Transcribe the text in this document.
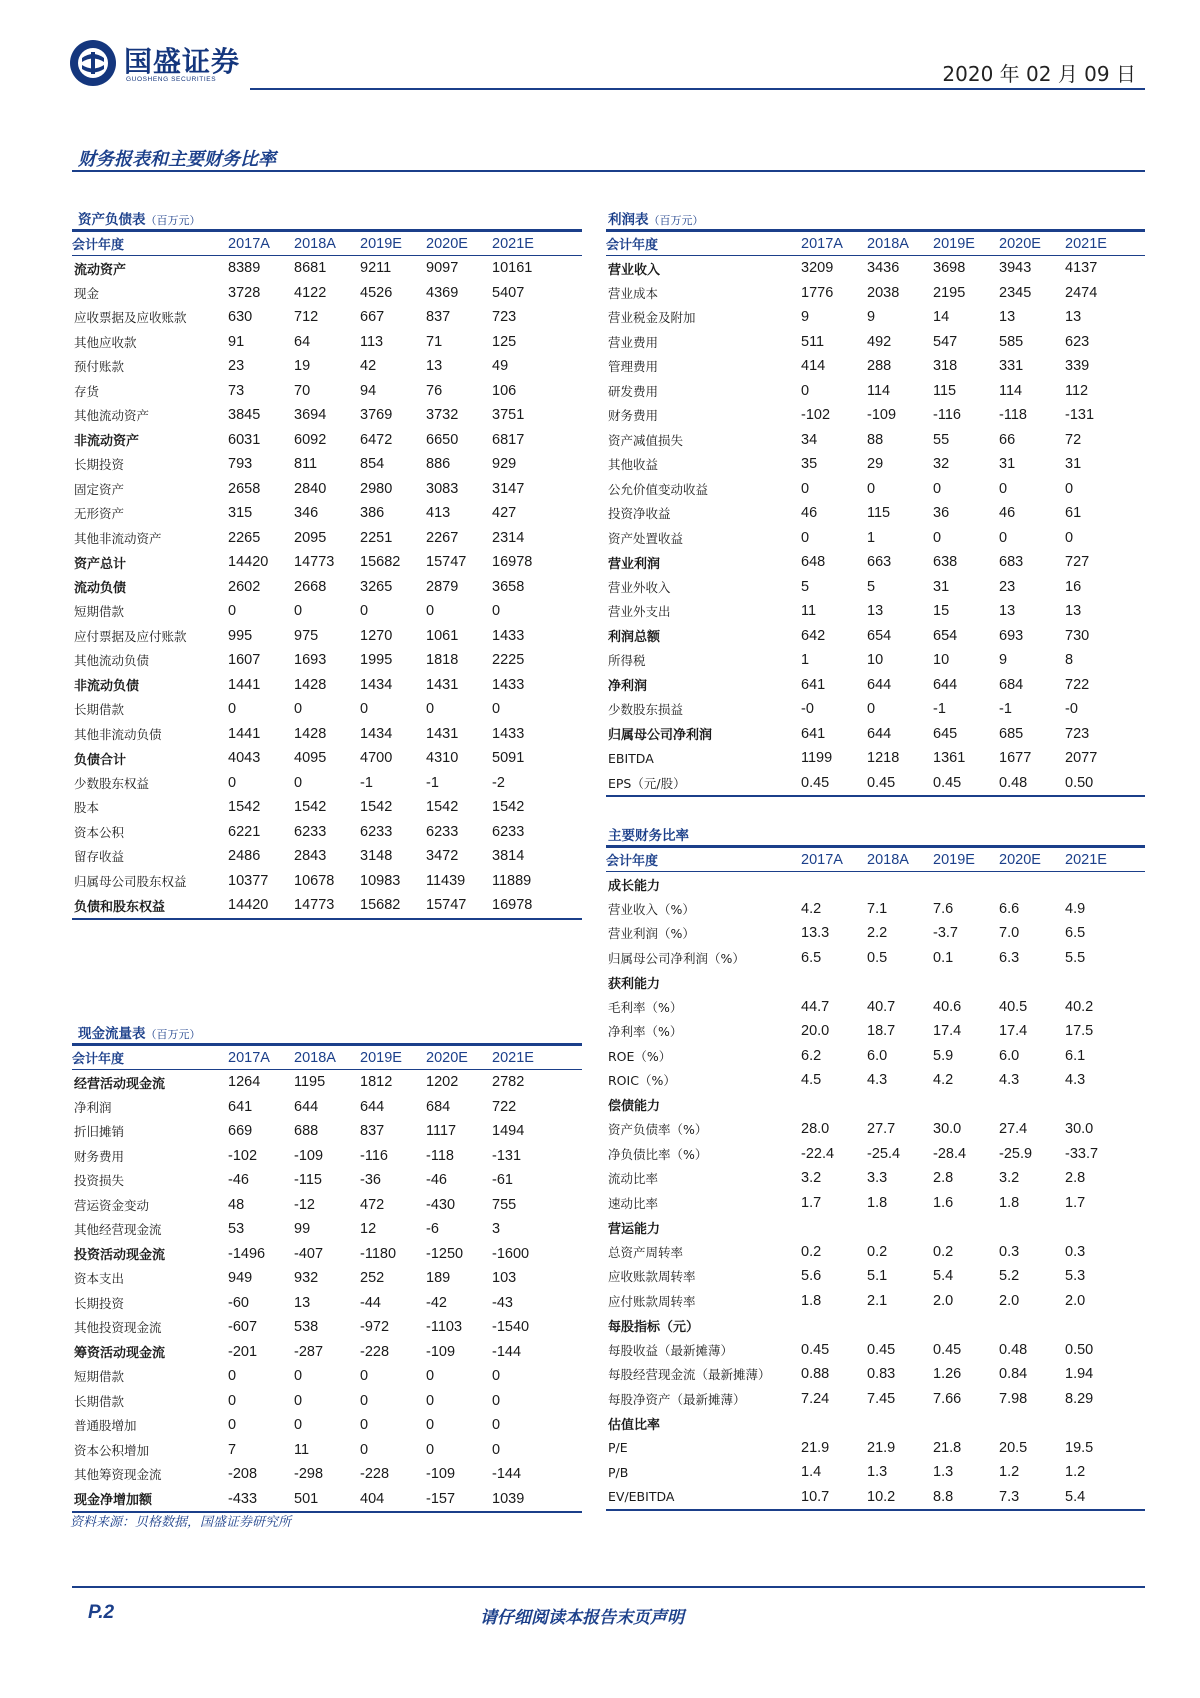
国盛证券
GUOSHENG SECURITIES	2020 年 02 月 09 日
财务报表和主要财务比率
资产负债表（百万元）
会计年度	2017A	2018A	2019E	2020E	2021E
流动资产	8389	8681	9211	9097	10161
现金	3728	4122	4526	4369	5407
应收票据及应收账款	630	712	667	837	723
其他应收款	91	64	113	71	125
预付账款	23	19	42	13	49
存货	73	70	94	76	106
其他流动资产	3845	3694	3769	3732	3751
非流动资产	6031	6092	6472	6650	6817
长期投资	793	811	854	886	929
固定资产	2658	2840	2980	3083	3147
无形资产	315	346	386	413	427
其他非流动资产	2265	2095	2251	2267	2314
资产总计	14420	14773	15682	15747	16978
流动负债	2602	2668	3265	2879	3658
短期借款	0	0	0	0	0
应付票据及应付账款	995	975	1270	1061	1433
其他流动负债	1607	1693	1995	1818	2225
非流动负债	1441	1428	1434	1431	1433
长期借款	0	0	0	0	0
其他非流动负债	1441	1428	1434	1431	1433
负债合计	4043	4095	4700	4310	5091
少数股东权益	0	0	-1	-1	-2
股本	1542	1542	1542	1542	1542
资本公积	6221	6233	6233	6233	6233
留存收益	2486	2843	3148	3472	3814
归属母公司股东权益	10377	10678	10983	11439	11889
负债和股东权益	14420	14773	15682	15747	16978
利润表（百万元）
会计年度	2017A	2018A	2019E	2020E	2021E
营业收入	3209	3436	3698	3943	4137
营业成本	1776	2038	2195	2345	2474
营业税金及附加	9	9	14	13	13
营业费用	511	492	547	585	623
管理费用	414	288	318	331	339
研发费用	0	114	115	114	112
财务费用	-102	-109	-116	-118	-131
资产减值损失	34	88	55	66	72
其他收益	35	29	32	31	31
公允价值变动收益	0	0	0	0	0
投资净收益	46	115	36	46	61
资产处置收益	0	1	0	0	0
营业利润	648	663	638	683	727
营业外收入	5	5	31	23	16
营业外支出	11	13	15	13	13
利润总额	642	654	654	693	730
所得税	1	10	10	9	8
净利润	641	644	644	684	722
少数股东损益	-0	0	-1	-1	-0
归属母公司净利润	641	644	645	685	723
EBITDA	1199	1218	1361	1677	2077
EPS（元/股）	0.45	0.45	0.45	0.48	0.50
现金流量表（百万元）
会计年度	2017A	2018A	2019E	2020E	2021E
经营活动现金流	1264	1195	1812	1202	2782
净利润	641	644	644	684	722
折旧摊销	669	688	837	1117	1494
财务费用	-102	-109	-116	-118	-131
投资损失	-46	-115	-36	-46	-61
营运资金变动	48	-12	472	-430	755
其他经营现金流	53	99	12	-6	3
投资活动现金流	-1496	-407	-1180	-1250	-1600
资本支出	949	932	252	189	103
长期投资	-60	13	-44	-42	-43
其他投资现金流	-607	538	-972	-1103	-1540
筹资活动现金流	-201	-287	-228	-109	-144
短期借款	0	0	0	0	0
长期借款	0	0	0	0	0
普通股增加	0	0	0	0	0
资本公积增加	7	11	0	0	0
其他筹资现金流	-208	-298	-228	-109	-144
现金净增加额	-433	501	404	-157	1039
主要财务比率
会计年度	2017A	2018A	2019E	2020E	2021E
成长能力					
营业收入（%）	4.2	7.1	7.6	6.6	4.9
营业利润（%）	13.3	2.2	-3.7	7.0	6.5
归属母公司净利润（%）	6.5	0.5	0.1	6.3	5.5
获利能力					
毛利率（%）	44.7	40.7	40.6	40.5	40.2
净利率（%）	20.0	18.7	17.4	17.4	17.5
ROE（%）	6.2	6.0	5.9	6.0	6.1
ROIC（%）	4.5	4.3	4.2	4.3	4.3
偿债能力					
资产负债率（%）	28.0	27.7	30.0	27.4	30.0
净负债比率（%）	-22.4	-25.4	-28.4	-25.9	-33.7
流动比率	3.2	3.3	2.8	3.2	2.8
速动比率	1.7	1.8	1.6	1.8	1.7
营运能力					
总资产周转率	0.2	0.2	0.2	0.3	0.3
应收账款周转率	5.6	5.1	5.4	5.2	5.3
应付账款周转率	1.8	2.1	2.0	2.0	2.0
每股指标（元）					
每股收益（最新摊薄）	0.45	0.45	0.45	0.48	0.50
每股经营现金流（最新摊薄）	0.88	0.83	1.26	0.84	1.94
每股净资产（最新摊薄）	7.24	7.45	7.66	7.98	8.29
估值比率					
P/E	21.9	21.9	21.8	20.5	19.5
P/B	1.4	1.3	1.3	1.2	1.2
EV/EBITDA	10.7	10.2	8.8	7.3	5.4
资料来源：贝格数据，国盛证券研究所
P.2	请仔细阅读本报告末页声明
